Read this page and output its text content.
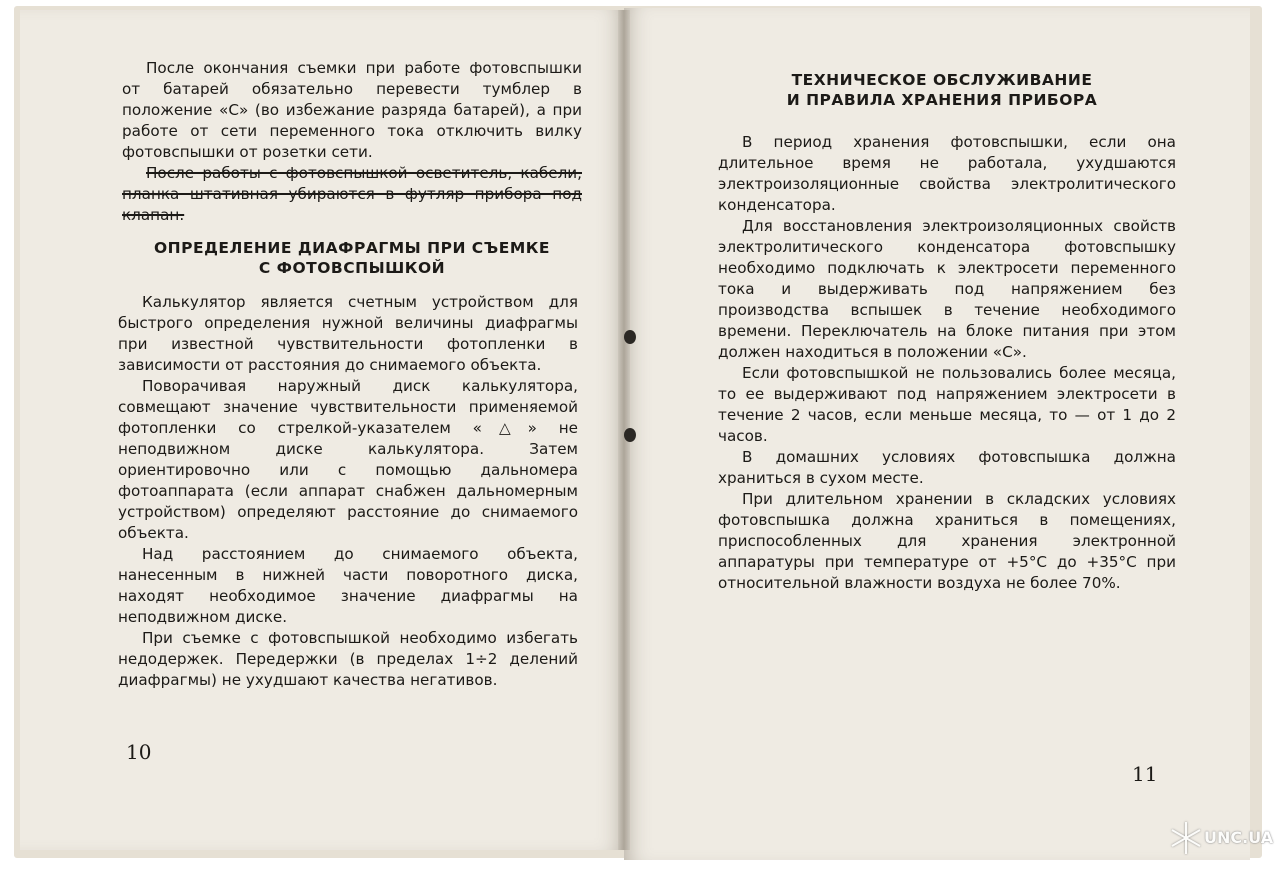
После окончания съемки при работе фотовспышки от батарей обязательно перевести тумблер в положение «С» (во избежание разряда батарей), а при работе от сети переменного тока отключить вилку фотовспышки от розетки сети.

После работы с фотовспышкой осветитель, кабели, планка штативная убираются в футляр прибора под клапан.

ОПРЕДЕЛЕНИЕ ДИАФРАГМЫ ПРИ СЪЕМКЕ
С ФОТОВСПЫШКОЙ

Калькулятор является счетным устройством для быстрого определения нужной величины диафрагмы при известной чувствительности фотопленки в зависимости от расстояния до снимаемого объекта.

Поворачивая наружный диск калькулятора, совмещают значение чувствительности применяемой фотопленки со стрелкой-указателем «△» не неподвижном диске калькулятора. Затем ориентировочно или с помощью дальномера фотоаппарата (если аппарат снабжен дальномерным устройством) определяют расстояние до снимаемого объекта.

Над расстоянием до снимаемого объекта, нанесенным в нижней части поворотного диска, находят необходимое значение диафрагмы на неподвижном диске.

При съемке с фотовспышкой необходимо избегать недодержек. Передержки (в пределах 1÷2 делений диафрагмы) не ухудшают качества негативов.

10
ТЕХНИЧЕСКОЕ ОБСЛУЖИВАНИЕ
И ПРАВИЛА ХРАНЕНИЯ ПРИБОРА

В период хранения фотовспышки, если она длительное время не работала, ухудшаются электроизоляционные свойства электролитического конденсатора.

Для восстановления электроизоляционных свойств электролитического конденсатора фотовспышку необходимо подключать к электросети переменного тока и выдерживать под напряжением без производства вспышек в течение необходимого времени. Переключатель на блоке питания при этом должен находиться в положении «С».

Если фотовспышкой не пользовались более месяца, то ее выдерживают под напряжением электросети в течение 2 часов, если меньше месяца, то — от 1 до 2 часов.

В домашних условиях фотовспышка должна храниться в сухом месте.

При длительном хранении в складских условиях фотовспышка должна храниться в помещениях, приспособленных для хранения электронной аппаратуры при температуре от +5°С до +35°С при относительной влажности воздуха не более 70%.

11
UNC.UA
